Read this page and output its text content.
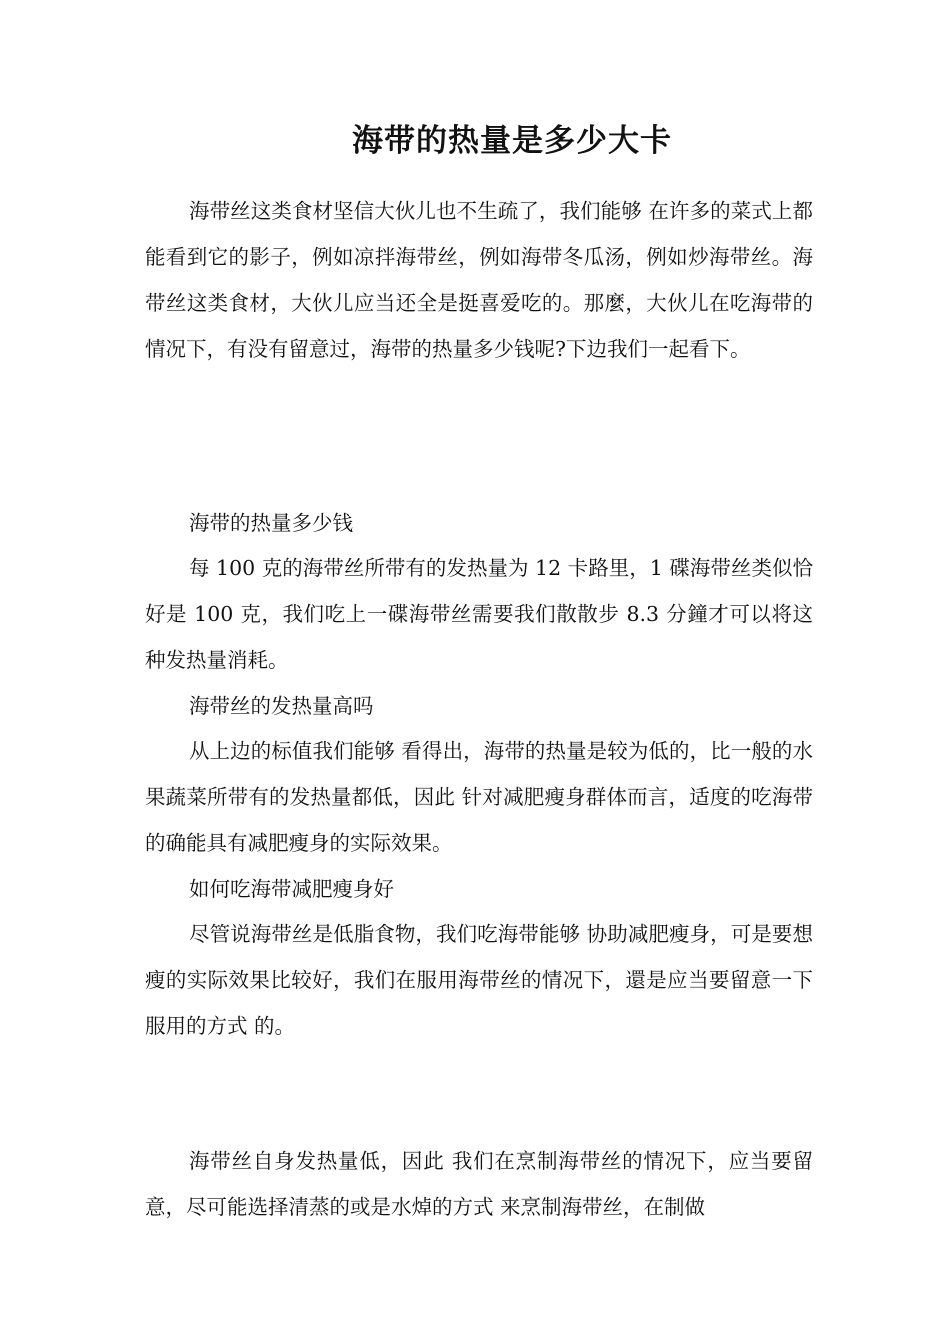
海带的热量是多少大卡

海带丝这类食材坚信大伙儿也不生疏了，我们能够 在许多的菜式上都能看到它的影子，例如凉拌海带丝，例如海带冬瓜汤，例如炒海带丝。海带丝这类食材，大伙儿应当还全是挺喜爱吃的。那麼，大伙儿在吃海带的情况下，有没有留意过，海带的热量多少钱呢?下边我们一起看下。

海带的热量多少钱

每 100 克的海带丝所带有的发热量为 12 卡路里，1 碟海带丝类似恰好是 100 克，我们吃上一碟海带丝需要我们散散步 8.3 分鐘才可以将这种发热量消耗。

海带丝的发热量高吗

从上边的标值我们能够 看得出，海带的热量是较为低的，比一般的水果蔬菜所带有的发热量都低，因此 针对减肥瘦身群体而言，适度的吃海带的确能具有减肥瘦身的实际效果。

如何吃海带减肥瘦身好

尽管说海带丝是低脂食物，我们吃海带能够 协助减肥瘦身，可是要想瘦的实际效果比较好，我们在服用海带丝的情况下，還是应当要留意一下服用的方式 的。

海带丝自身发热量低，因此 我们在烹制海带丝的情况下，应当要留意，尽可能选择清蒸的或是水焯的方式 来烹制海带丝，在制做
